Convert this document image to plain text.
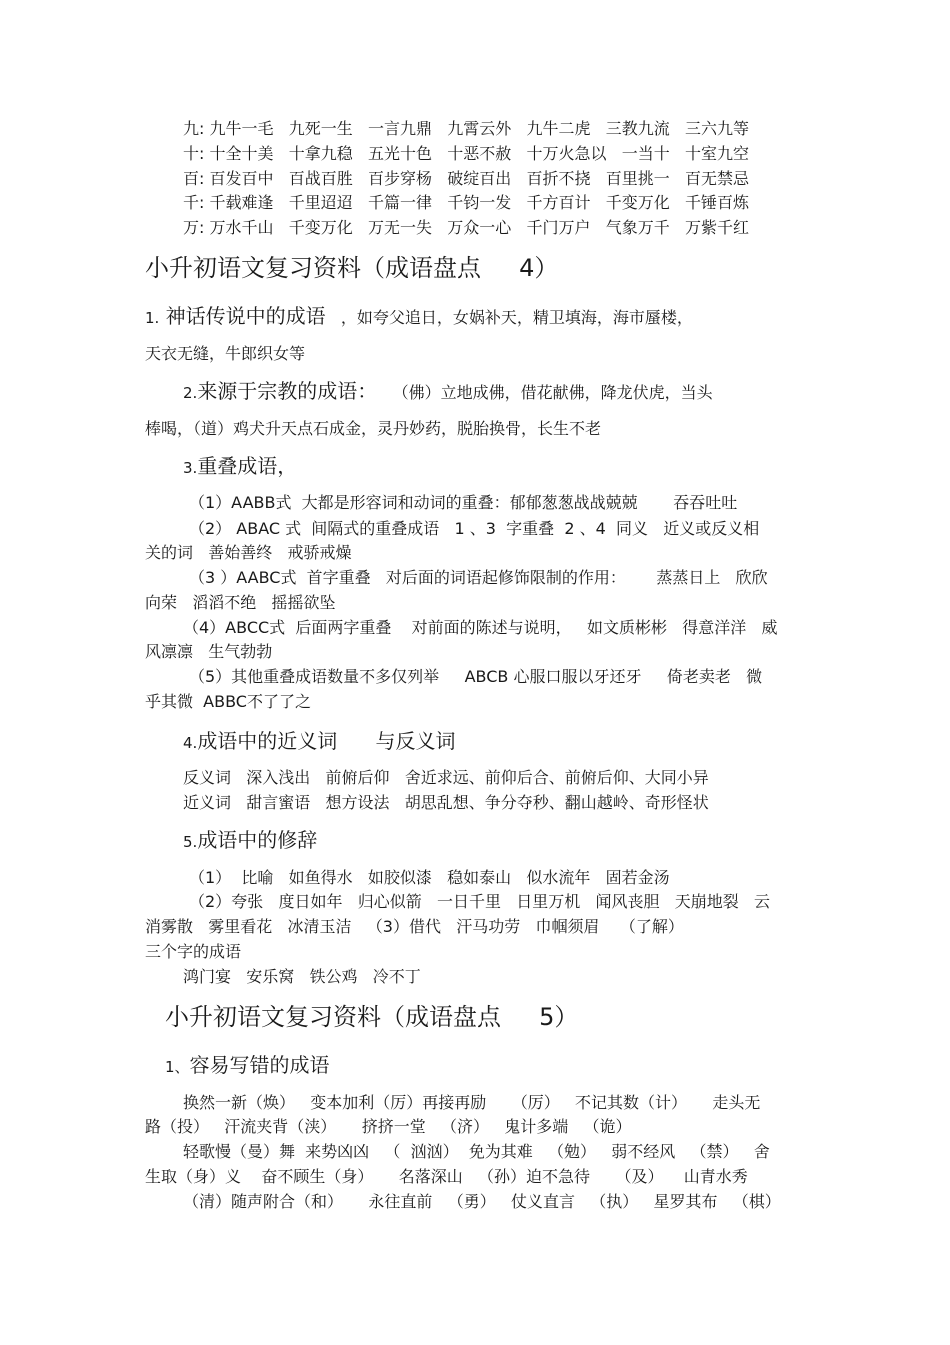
九: 九牛一毛   九死一生   一言九鼎   九霄云外   九牛二虎   三教九流   三六九等
十: 十全十美   十拿九稳   五光十色   十恶不赦   十万火急以   一当十   十室九空
百: 百发百中   百战百胜   百步穿杨   破绽百出   百折不挠   百里挑一   百无禁忌
千: 千载难逢   千里迢迢   千篇一律   千钧一发   千方百计   千变万化   千锤百炼
万: 万水千山   千变万化   万无一失   万众一心   千门万户   气象万千   万紫千红
小升初语文复习资料（成语盘点     4）
1. 神话传说中的成语   ，如夸父追日，女娲补天，精卫填海，海市蜃楼，
天衣无缝，牛郎织女等
2.来源于宗教的成语：   （佛）立地成佛，借花献佛，降龙伏虎，当头
棒喝，（道）鸡犬升天点石成金，灵丹妙药，脱胎换骨，长生不老
3.重叠成语，
（1）AABB式  大都是形容词和动词的重叠：郁郁葱葱战战兢兢       吞吞吐吐
（2） ABAC 式  间隔式的重叠成语   1 、3  字重叠  2 、4  同义   近义或反义相
关的词   善始善终   戒骄戒燥
（3 ）AABC式  首字重叠   对后面的词语起修饰限制的作用：      蒸蒸日上   欣欣
向荣   滔滔不绝   摇摇欲坠
（4）ABCC式  后面两字重叠    对前面的陈述与说明，   如文质彬彬   得意洋洋   威
风凛凛   生气勃勃
（5）其他重叠成语数量不多仅列举     ABCB 心服口服以牙还牙     倚老卖老   微
乎其微  ABBC不了了之
4.成语中的近义词      与反义词
反义词   深入浅出   前俯后仰   舍近求远、前仰后合、前俯后仰、大同小异
近义词   甜言蜜语   想方设法   胡思乱想、争分夺秒、翻山越岭、奇形怪状
5.成语中的修辞
（1）  比喻   如鱼得水   如胶似漆   稳如泰山   似水流年   固若金汤
（2）夸张   度日如年   归心似箭   一日千里   日里万机   闻风丧胆   天崩地裂   云
消雾散   雾里看花   冰清玉洁   （3）借代   汗马功劳   巾帼须眉    （了解）
三个字的成语
鸿门宴   安乐窝   铁公鸡   冷不丁
小升初语文复习资料（成语盘点     5）
1、容易写错的成语
换然一新（焕）   变本加利（厉）再接再励     （厉）   不记其数（计）     走头无
路（投）   汗流夹背（浃）     挤挤一堂   （济）   鬼计多端   （诡）
轻歌慢（曼）舞  来势凶凶   （  汹汹）  免为其难   （勉）   弱不经风   （禁）   舍
生取（身）义    奋不顾生（身）     名落深山   （孙）迫不急待     （及）    山青水秀
（清）随声附合（和）     永往直前   （勇）   仗义直言   （执）   星罗其布   （棋）
